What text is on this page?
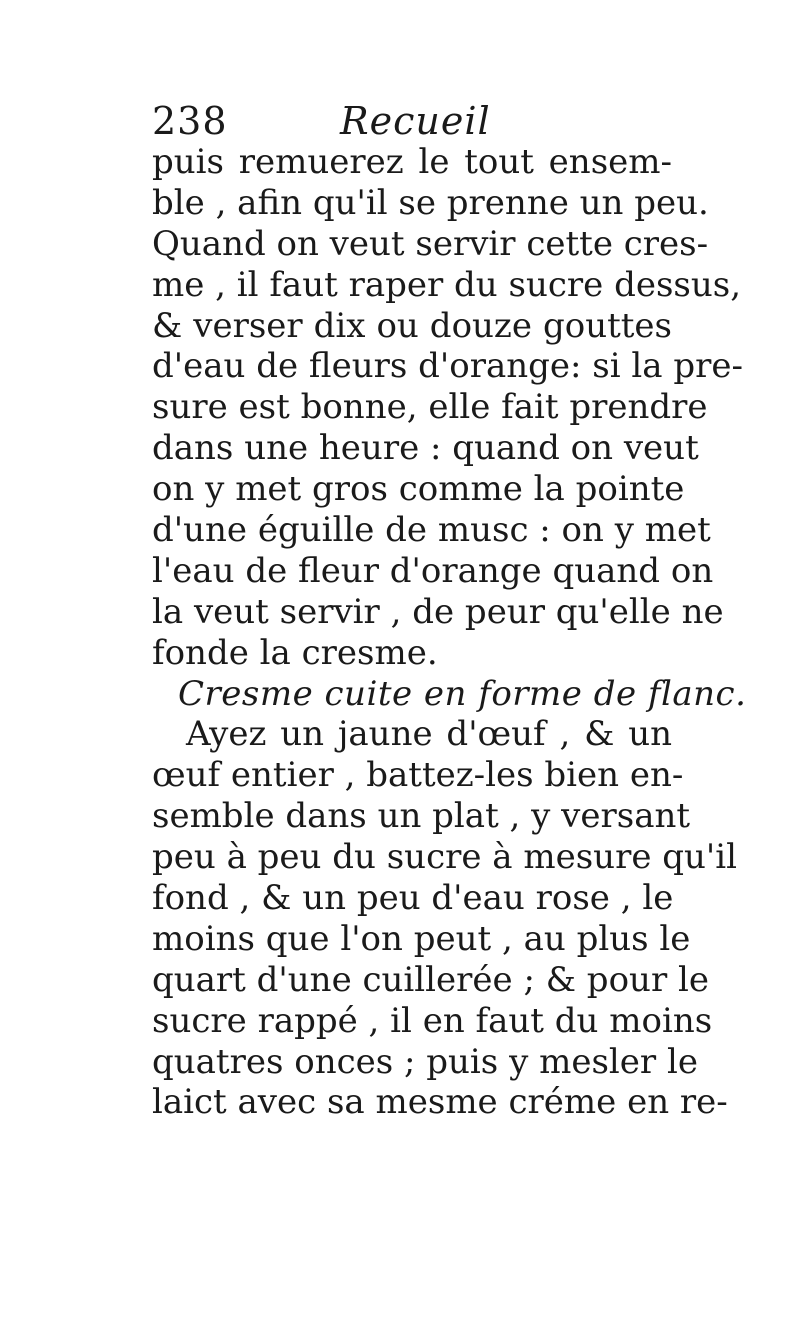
238	Recueil
puis remuerez le tout ensem-
ble , afin qu'il se prenne un peu.
Quand on veut servir cette cres-
me , il faut raper du sucre dessus,
& verser dix ou douze gouttes
d'eau de fleurs d'orange: si la pre-
sure est bonne, elle fait prendre
dans une heure : quand on veut
on y met gros comme la pointe
d'une éguille de musc : on y met
l'eau de fleur d'orange quand on
la veut servir , de peur qu'elle ne
fonde la cresme.
Cresme cuite en forme de flanc.
Ayez un jaune d'œuf , & un
œuf entier , battez-les bien en-
semble dans un plat , y versant
peu à peu du sucre à mesure qu'il
fond , & un peu d'eau rose , le
moins que l'on peut , au plus le
quart d'une cuillerée ; & pour le
sucre rappé , il en faut du moins
quatres onces ; puis y mesler le
laict avec sa mesme créme en re-
